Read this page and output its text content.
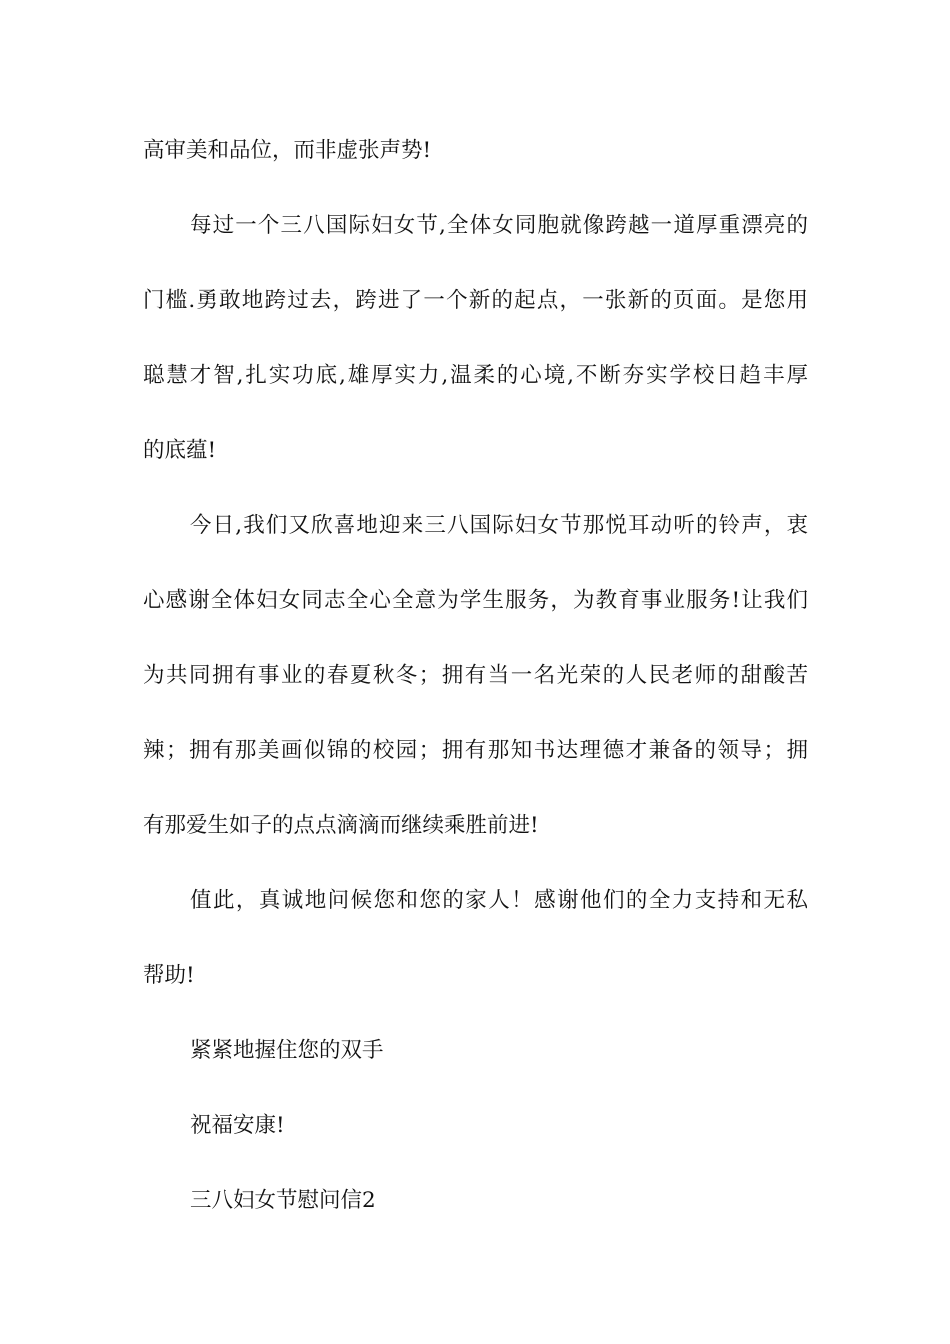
高审美和品位，而非虚张声势!

每过一个三八国际妇女节,全体女同胞就像跨越一道厚重漂亮的

门槛.勇敢地跨过去，跨进了一个新的起点，一张新的页面。是您用

聪慧才智,扎实功底,雄厚实力,温柔的心境,不断夯实学校日趋丰厚

的底蕴!

今日,我们又欣喜地迎来三八国际妇女节那悦耳动听的铃声，衷

心感谢全体妇女同志全心全意为学生服务，为教育事业服务!让我们

为共同拥有事业的春夏秋冬；拥有当一名光荣的人民老师的甜酸苦

辣；拥有那美画似锦的校园；拥有那知书达理德才兼备的领导；拥

有那爱生如子的点点滴滴而继续乘胜前进!

值此，真诚地问候您和您的家人！感谢他们的全力支持和无私

帮助!

紧紧地握住您的双手

祝福安康!

三八妇女节慰问信2
